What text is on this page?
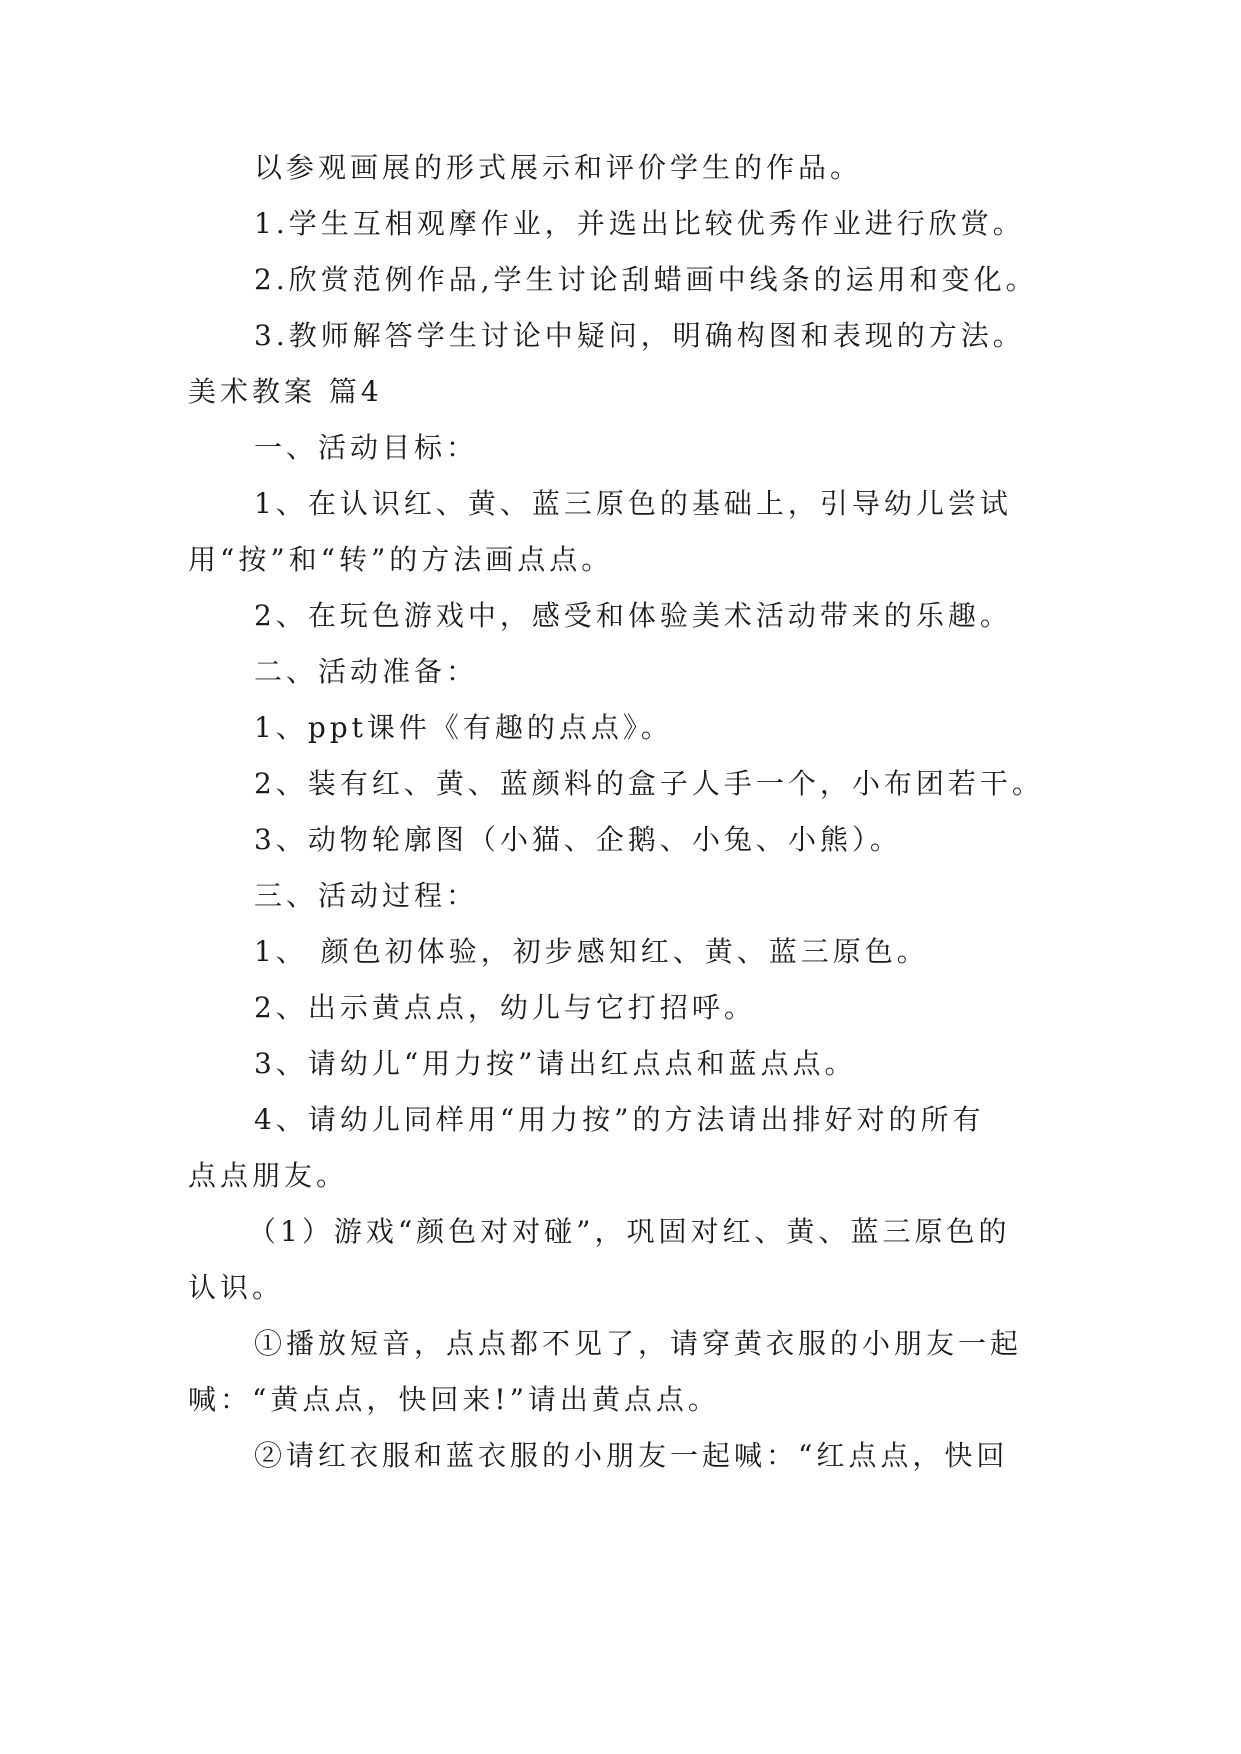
以参观画展的形式展示和评价学生的作品。
1.学生互相观摩作业，并选出比较优秀作业进行欣赏。
2.欣赏范例作品,学生讨论刮蜡画中线条的运用和变化。
3.教师解答学生讨论中疑问，明确构图和表现的方法。
美术教案 篇4
一、活动目标：
1、在认识红、黄、蓝三原色的基础上，引导幼儿尝试
用“按”和“转”的方法画点点。
2、在玩色游戏中，感受和体验美术活动带来的乐趣。
二、活动准备：
1、ppt课件《有趣的点点》。
2、装有红、黄、蓝颜料的盒子人手一个，小布团若干。
3、动物轮廓图（小猫、企鹅、小兔、小熊）。
三、活动过程：
1、 颜色初体验，初步感知红、黄、蓝三原色。
2、出示黄点点，幼儿与它打招呼。
3、请幼儿“用力按”请出红点点和蓝点点。
4、请幼儿同样用“用力按”的方法请出排好对的所有
点点朋友。
（1）游戏“颜色对对碰”，巩固对红、黄、蓝三原色的
认识。
①播放短音，点点都不见了，请穿黄衣服的小朋友一起
喊：“黄点点，快回来!”请出黄点点。
②请红衣服和蓝衣服的小朋友一起喊：“红点点，快回
